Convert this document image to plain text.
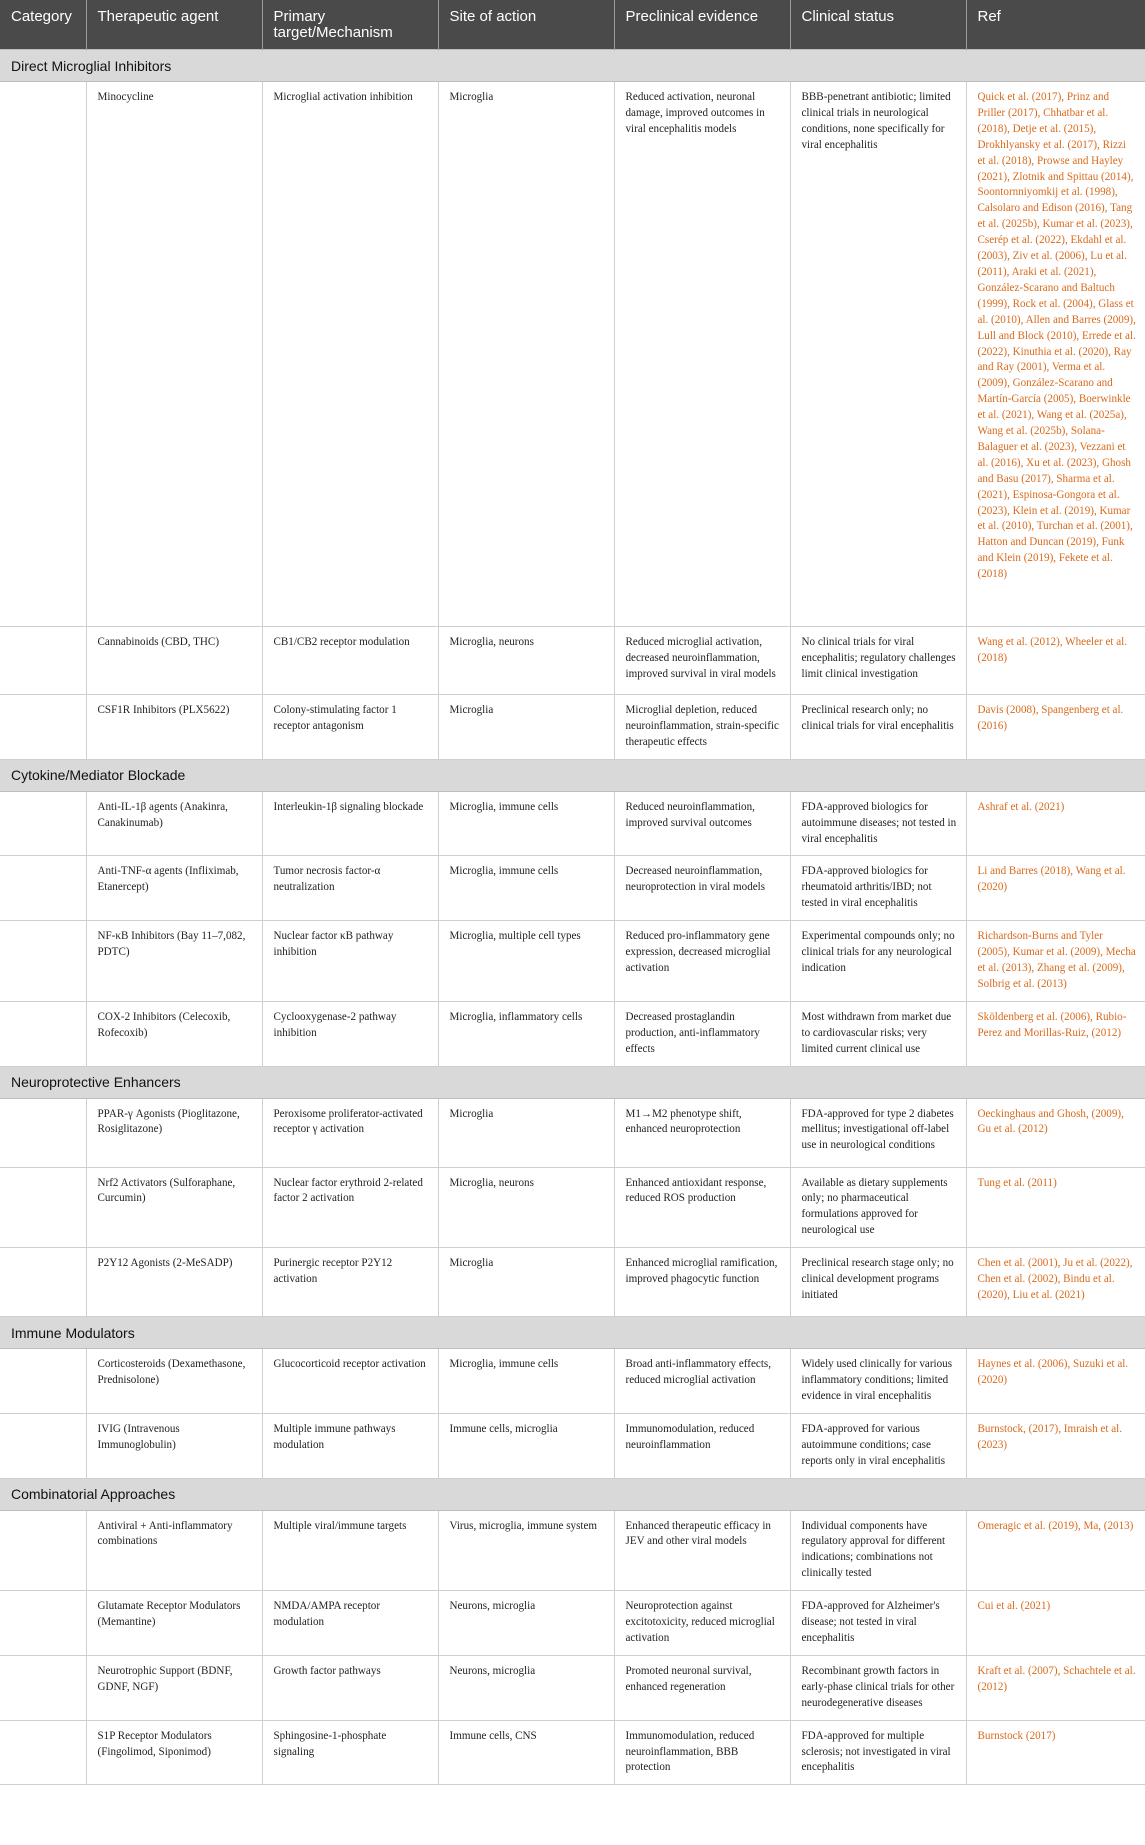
Category	Therapeutic agent	Primary target/Mechanism	Site of action	Preclinical evidence	Clinical status	Ref
Direct Microglial Inhibitors						
	Minocycline	Microglial activation inhibition	Microglia	Reduced activation, neuronal damage, improved outcomes in viral encephalitis models	BBB-penetrant antibiotic; limited clinical trials in neurological conditions, none specifically for viral encephalitis	Quick et al. (2017), Prinz and Priller (2017), Chhatbar et al. (2018), Detje et al. (2015), Drokhlyansky et al. (2017), Rizzi et al. (2018), Prowse and Hayley (2021), Zlotnik and Spittau (2014), Soontornniyomkij et al. (1998), Calsolaro and Edison (2016), Tang et al. (2025b), Kumar et al. (2023), Cserép et al. (2022), Ekdahl et al. (2003), Ziv et al. (2006), Lu et al. (2011), Araki et al. (2021), González-Scarano and Baltuch (1999), Rock et al. (2004), Glass et al. (2010), Allen and Barres (2009), Lull and Block (2010), Errede et al. (2022), Kinuthia et al. (2020), Ray and Ray (2001), Verma et al. (2009), González-Scarano and Martín-García (2005), Boerwinkle et al. (2021), Wang et al. (2025a), Wang et al. (2025b), Solana-Balaguer et al. (2023), Vezzani et al. (2016), Xu et al. (2023), Ghosh and Basu (2017), Sharma et al. (2021), Espinosa-Gongora et al. (2023), Klein et al. (2019), Kumar et al. (2010), Turchan et al. (2001), Hatton and Duncan (2019), Funk and Klein (2019), Fekete et al. (2018)
	Cannabinoids (CBD, THC)	CB1/CB2 receptor modulation	Microglia, neurons	Reduced microglial activation, decreased neuroinflammation, improved survival in viral models	No clinical trials for viral encephalitis; regulatory challenges limit clinical investigation	Wang et al. (2012), Wheeler et al. (2018)
	CSF1R Inhibitors (PLX5622)	Colony-stimulating factor 1 receptor antagonism	Microglia	Microglial depletion, reduced neuroinflammation, strain-specific therapeutic effects	Preclinical research only; no clinical trials for viral encephalitis	Davis (2008), Spangenberg et al. (2016)
Cytokine/Mediator Blockade						
	Anti-IL-1β agents (Anakinra, Canakinumab)	Interleukin-1β signaling blockade	Microglia, immune cells	Reduced neuroinflammation, improved survival outcomes	FDA-approved biologics for autoimmune diseases; not tested in viral encephalitis	Ashraf et al. (2021)
	Anti-TNF-α agents (Infliximab, Etanercept)	Tumor necrosis factor-α neutralization	Microglia, immune cells	Decreased neuroinflammation, neuroprotection in viral models	FDA-approved biologics for rheumatoid arthritis/IBD; not tested in viral encephalitis	Li and Barres (2018), Wang et al. (2020)
	NF-κB Inhibitors (Bay 11–7,082, PDTC)	Nuclear factor κB pathway inhibition	Microglia, multiple cell types	Reduced pro-inflammatory gene expression, decreased microglial activation	Experimental compounds only; no clinical trials for any neurological indication	Richardson-Burns and Tyler (2005), Kumar et al. (2009), Mecha et al. (2013), Zhang et al. (2009), Solbrig et al. (2013)
	COX-2 Inhibitors (Celecoxib, Rofecoxib)	Cyclooxygenase-2 pathway inhibition	Microglia, inflammatory cells	Decreased prostaglandin production, anti-inflammatory effects	Most withdrawn from market due to cardiovascular risks; very limited current clinical use	Sköldenberg et al. (2006), Rubio-Perez and Morillas-Ruiz, (2012)
Neuroprotective Enhancers						
	PPAR-γ Agonists (Pioglitazone, Rosiglitazone)	Peroxisome proliferator-activated receptor γ activation	Microglia	M1→M2 phenotype shift, enhanced neuroprotection	FDA-approved for type 2 diabetes mellitus; investigational off-label use in neurological conditions	Oeckinghaus and Ghosh, (2009), Gu et al. (2012)
	Nrf2 Activators (Sulforaphane, Curcumin)	Nuclear factor erythroid 2-related factor 2 activation	Microglia, neurons	Enhanced antioxidant response, reduced ROS production	Available as dietary supplements only; no pharmaceutical formulations approved for neurological use	Tung et al. (2011)
	P2Y12 Agonists (2-MeSADP)	Purinergic receptor P2Y12 activation	Microglia	Enhanced microglial ramification, improved phagocytic function	Preclinical research stage only; no clinical development programs initiated	Chen et al. (2001), Ju et al. (2022), Chen et al. (2002), Bindu et al. (2020), Liu et al. (2021)
Immune Modulators						
	Corticosteroids (Dexamethasone, Prednisolone)	Glucocorticoid receptor activation	Microglia, immune cells	Broad anti-inflammatory effects, reduced microglial activation	Widely used clinically for various inflammatory conditions; limited evidence in viral encephalitis	Haynes et al. (2006), Suzuki et al. (2020)
	IVIG (Intravenous Immunoglobulin)	Multiple immune pathways modulation	Immune cells, microglia	Immunomodulation, reduced neuroinflammation	FDA-approved for various autoimmune conditions; case reports only in viral encephalitis	Burnstock, (2017), Imraish et al. (2023)
Combinatorial Approaches						
	Antiviral + Anti-inflammatory combinations	Multiple viral/immune targets	Virus, microglia, immune system	Enhanced therapeutic efficacy in JEV and other viral models	Individual components have regulatory approval for different indications; combinations not clinically tested	Omeragic et al. (2019), Ma, (2013)
	Glutamate Receptor Modulators (Memantine)	NMDA/AMPA receptor modulation	Neurons, microglia	Neuroprotection against excitotoxicity, reduced microglial activation	FDA-approved for Alzheimer's disease; not tested in viral encephalitis	Cui et al. (2021)
	Neurotrophic Support (BDNF, GDNF, NGF)	Growth factor pathways	Neurons, microglia	Promoted neuronal survival, enhanced regeneration	Recombinant growth factors in early-phase clinical trials for other neurodegenerative diseases	Kraft et al. (2007), Schachtele et al. (2012)
	S1P Receptor Modulators (Fingolimod, Siponimod)	Sphingosine-1-phosphate signaling	Immune cells, CNS	Immunomodulation, reduced neuroinflammation, BBB protection	FDA-approved for multiple sclerosis; not investigated in viral encephalitis	Burnstock (2017)
